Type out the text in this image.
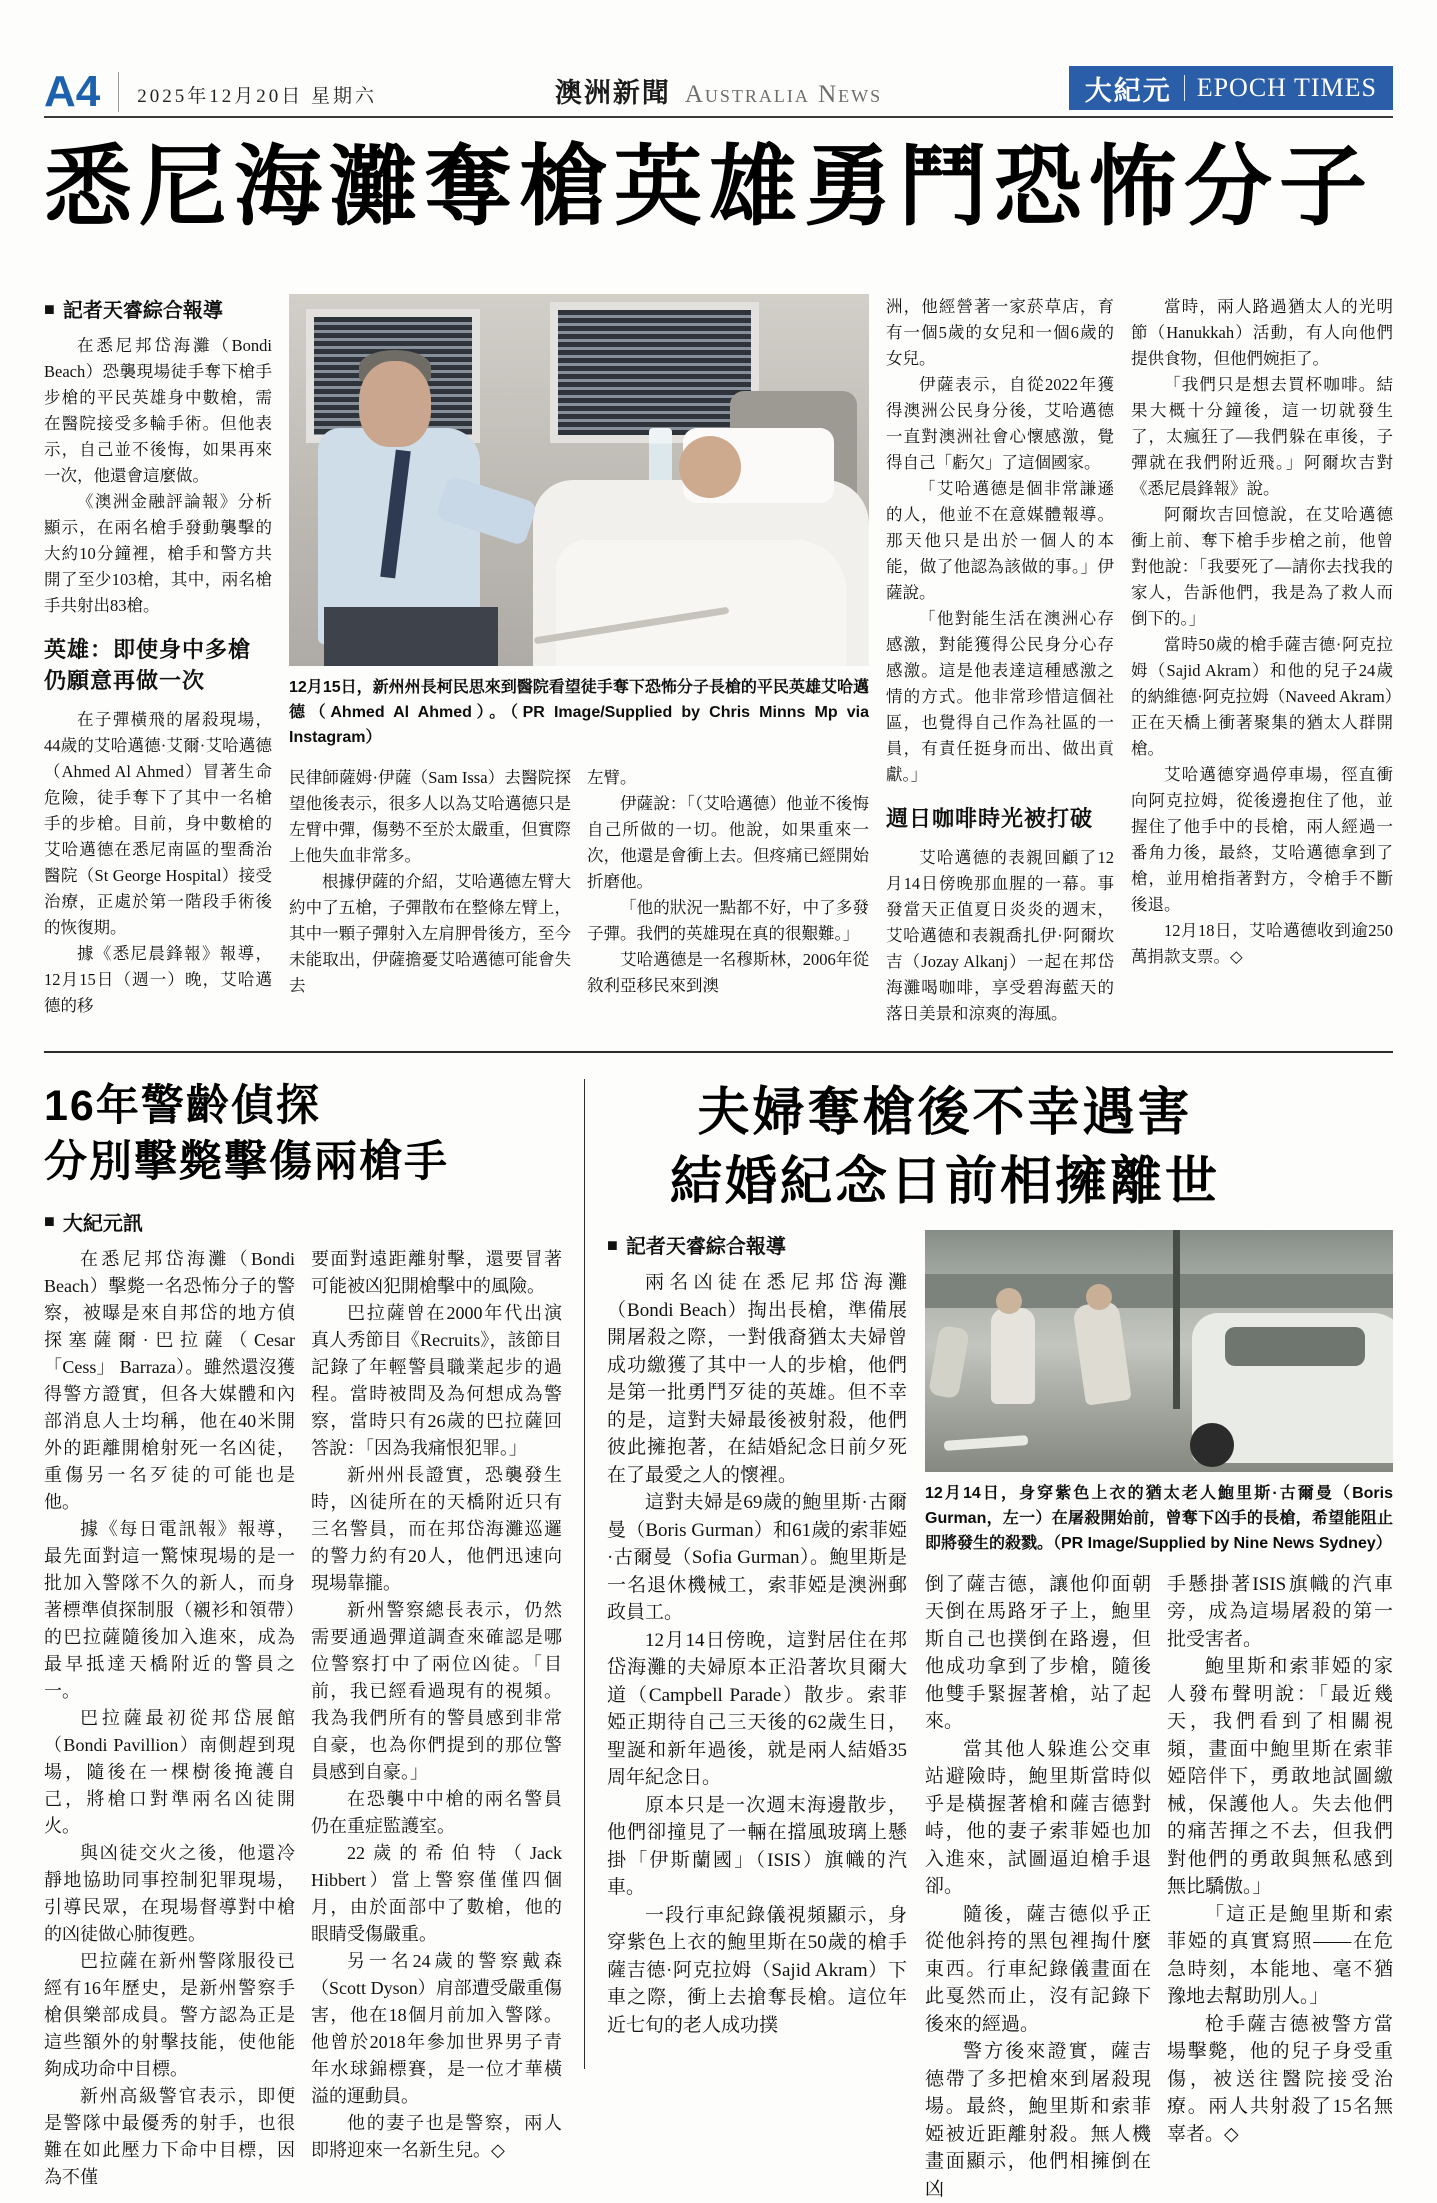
A4 2025年12月20日 星期六	澳洲新聞 Australia News	大紀元 EPOCH TIMES
悉尼海灘奪槍英雄勇鬥恐怖分子
■ 記者天睿綜合報導

在悉尼邦岱海灘（Bondi Beach）恐襲現場徒手奪下槍手步槍的平民英雄身中數槍，需在醫院接受多輪手術。但他表示，自己並不後悔，如果再來一次，他還會這麼做。

《澳洲金融評論報》分析顯示，在兩名槍手發動襲擊的大約10分鐘裡，槍手和警方共開了至少103槍，其中，兩名槍手共射出83槍。

英雄：即使身中多槍
仍願意再做一次

在子彈橫飛的屠殺現場，44歲的艾哈邁德·艾爾·艾哈邁德（Ahmed Al Ahmed）冒著生命危險，徒手奪下了其中一名槍手的步槍。目前，身中數槍的艾哈邁德在悉尼南區的聖喬治醫院（St George Hospital）接受治療，正處於第一階段手術後的恢復期。

據《悉尼晨鋒報》報導，12月15日（週一）晚，艾哈邁德的移

12月15日，新州州長柯民思來到醫院看望徒手奪下恐怖分子長槍的平民英雄艾哈邁德（Ahmed Al Ahmed）。（PR Image/Supplied by Chris Minns Mp via Instagram）

民律師薩姆·伊薩（Sam Issa）去醫院探望他後表示，很多人以為艾哈邁德只是左臂中彈，傷勢不至於太嚴重，但實際上他失血非常多。

根據伊薩的介紹，艾哈邁德左臂大約中了五槍，子彈散布在整條左臂上，其中一顆子彈射入左肩胛骨後方，至今未能取出，伊薩擔憂艾哈邁德可能會失去

左臂。

伊薩說：「（艾哈邁德）他並不後悔自己所做的一切。他說，如果重來一次，他還是會衝上去。但疼痛已經開始折磨他。

「他的狀況一點都不好，中了多發子彈。我們的英雄現在真的很艱難。」

艾哈邁德是一名穆斯林，2006年從敘利亞移民來到澳

洲，他經營著一家菸草店，育有一個5歲的女兒和一個6歲的女兒。

伊薩表示，自從2022年獲得澳洲公民身分後，艾哈邁德一直對澳洲社會心懷感激，覺得自己「虧欠」了這個國家。

「艾哈邁德是個非常謙遜的人，他並不在意媒體報導。那天他只是出於一個人的本能，做了他認為該做的事。」伊薩說。

「他對能生活在澳洲心存感激，對能獲得公民身分心存感激。這是他表達這種感激之情的方式。他非常珍惜這個社區，也覺得自己作為社區的一員，有責任挺身而出、做出貢獻。」

週日咖啡時光被打破

艾哈邁德的表親回顧了12月14日傍晚那血腥的一幕。事發當天正值夏日炎炎的週末，艾哈邁德和表親喬扎伊·阿爾坎吉（Jozay Alkanj）一起在邦岱海灘喝咖啡，享受碧海藍天的落日美景和涼爽的海風。

當時，兩人路過猶太人的光明節（Hanukkah）活動，有人向他們提供食物，但他們婉拒了。

「我們只是想去買杯咖啡。結果大概十分鐘後，這一切就發生了，太瘋狂了—我們躲在車後，子彈就在我們附近飛。」阿爾坎吉對《悉尼晨鋒報》說。

阿爾坎吉回憶說，在艾哈邁德衝上前、奪下槍手步槍之前，他曾對他說：「我要死了—請你去找我的家人，告訴他們，我是為了救人而倒下的。」

當時50歲的槍手薩吉德·阿克拉姆（Sajid Akram）和他的兒子24歲的納維德·阿克拉姆（Naveed Akram）正在天橋上衝著聚集的猶太人群開槍。

艾哈邁德穿過停車場，徑直衝向阿克拉姆，從後邊抱住了他，並握住了他手中的長槍，兩人經過一番角力後，最終，艾哈邁德拿到了槍，並用槍指著對方，令槍手不斷後退。

12月18日，艾哈邁德收到逾250萬捐款支票。◇

16年警齡偵探
分別擊斃擊傷兩槍手
■ 大紀元訊

在悉尼邦岱海灘（Bondi Beach）擊斃一名恐怖分子的警察，被曝是來自邦岱的地方偵探塞薩爾·巴拉薩（Cesar 「Cess」 Barraza）。雖然還沒獲得警方證實，但各大媒體和內部消息人士均稱，他在40米開外的距離開槍射死一名凶徒，重傷另一名歹徒的可能也是他。

據《每日電訊報》報導，最先面對這一驚悚現場的是一批加入警隊不久的新人，而身著標準偵探制服（襯衫和領帶）的巴拉薩隨後加入進來，成為最早抵達天橋附近的警員之一。

巴拉薩最初從邦岱展館（Bondi Pavillion）南側趕到現場，隨後在一棵樹後掩護自己，將槍口對準兩名凶徒開火。

與凶徒交火之後，他還冷靜地協助同事控制犯罪現場，引導民眾，在現場督導對中槍的凶徒做心肺復甦。

巴拉薩在新州警隊服役已經有16年歷史，是新州警察手槍俱樂部成員。警方認為正是這些額外的射擊技能，使他能夠成功命中目標。

新州高級警官表示，即便是警隊中最優秀的射手，也很難在如此壓力下命中目標，因為不僅

要面對遠距離射擊，還要冒著可能被凶犯開槍擊中的風險。

巴拉薩曾在2000年代出演真人秀節目《Recruits》，該節目記錄了年輕警員職業起步的過程。當時被問及為何想成為警察，當時只有26歲的巴拉薩回答說：「因為我痛恨犯罪。」

新州州長證實，恐襲發生時，凶徒所在的天橋附近只有三名警員，而在邦岱海灘巡邏的警力約有20人，他們迅速向現場靠攏。

新州警察總長表示，仍然需要通過彈道調查來確認是哪位警察打中了兩位凶徒。「目前，我已經看過現有的視頻。我為我們所有的警員感到非常自豪，也為你們提到的那位警員感到自豪。」

在恐襲中中槍的兩名警員仍在重症監護室。

22歲的希伯特（Jack Hibbert）當上警察僅僅四個月，由於面部中了數槍，他的眼睛受傷嚴重。

另一名24歲的警察戴森（Scott Dyson）肩部遭受嚴重傷害，他在18個月前加入警隊。他曾於2018年參加世界男子青年水球錦標賽，是一位才華橫溢的運動員。

他的妻子也是警察，兩人即將迎來一名新生兒。◇

夫婦奪槍後不幸遇害
結婚紀念日前相擁離世
■ 記者天睿綜合報導

兩名凶徒在悉尼邦岱海灘（Bondi Beach）掏出長槍，準備展開屠殺之際，一對俄裔猶太夫婦曾成功繳獲了其中一人的步槍，他們是第一批勇鬥歹徒的英雄。但不幸的是，這對夫婦最後被射殺，他們彼此擁抱著，在結婚紀念日前夕死在了最愛之人的懷裡。

這對夫婦是69歲的鮑里斯·古爾曼（Boris Gurman）和61歲的索菲婭·古爾曼（Sofia Gurman）。鮑里斯是一名退休機械工，索菲婭是澳洲郵政員工。

12月14日傍晚，這對居住在邦岱海灘的夫婦原本正沿著坎貝爾大道（Campbell Parade）散步。索菲婭正期待自己三天後的62歲生日，聖誕和新年過後，就是兩人結婚35周年紀念日。

原本只是一次週末海邊散步，他們卻撞見了一輛在擋風玻璃上懸掛「伊斯蘭國」（ISIS）旗幟的汽車。

一段行車紀錄儀視頻顯示，身穿紫色上衣的鮑里斯在50歲的槍手薩吉德·阿克拉姆（Sajid Akram）下車之際，衝上去搶奪長槍。這位年近七旬的老人成功撲

12月14日，身穿紫色上衣的猶太老人鮑里斯·古爾曼（Boris Gurman，左一）在屠殺開始前，曾奪下凶手的長槍，希望能阻止即將發生的殺戮。（PR Image/Supplied by Nine News Sydney）

倒了薩吉德，讓他仰面朝天倒在馬路牙子上，鮑里斯自己也撲倒在路邊，但他成功拿到了步槍，隨後他雙手緊握著槍，站了起來。

當其他人躲進公交車站避險時，鮑里斯當時似乎是橫握著槍和薩吉德對峙，他的妻子索菲婭也加入進來，試圖逼迫槍手退卻。

隨後，薩吉德似乎正從他斜挎的黑包裡掏什麼東西。行車紀錄儀畫面在此戛然而止，沒有記錄下後來的經過。

警方後來證實，薩吉德帶了多把槍來到屠殺現場。最終，鮑里斯和索菲婭被近距離射殺。無人機畫面顯示，他們相擁倒在凶

手懸掛著ISIS旗幟的汽車旁，成為這場屠殺的第一批受害者。

鮑里斯和索菲婭的家人發布聲明說：「最近幾天，我們看到了相關視頻，畫面中鮑里斯在索菲婭陪伴下，勇敢地試圖繳械，保護他人。失去他們的痛苦揮之不去，但我們對他們的勇敢與無私感到無比驕傲。」

「這正是鮑里斯和索菲婭的真實寫照——在危急時刻，本能地、毫不猶豫地去幫助別人。」

枪手薩吉德被警方當場擊斃，他的兒子身受重傷，被送往醫院接受治療。兩人共射殺了15名無辜者。◇
